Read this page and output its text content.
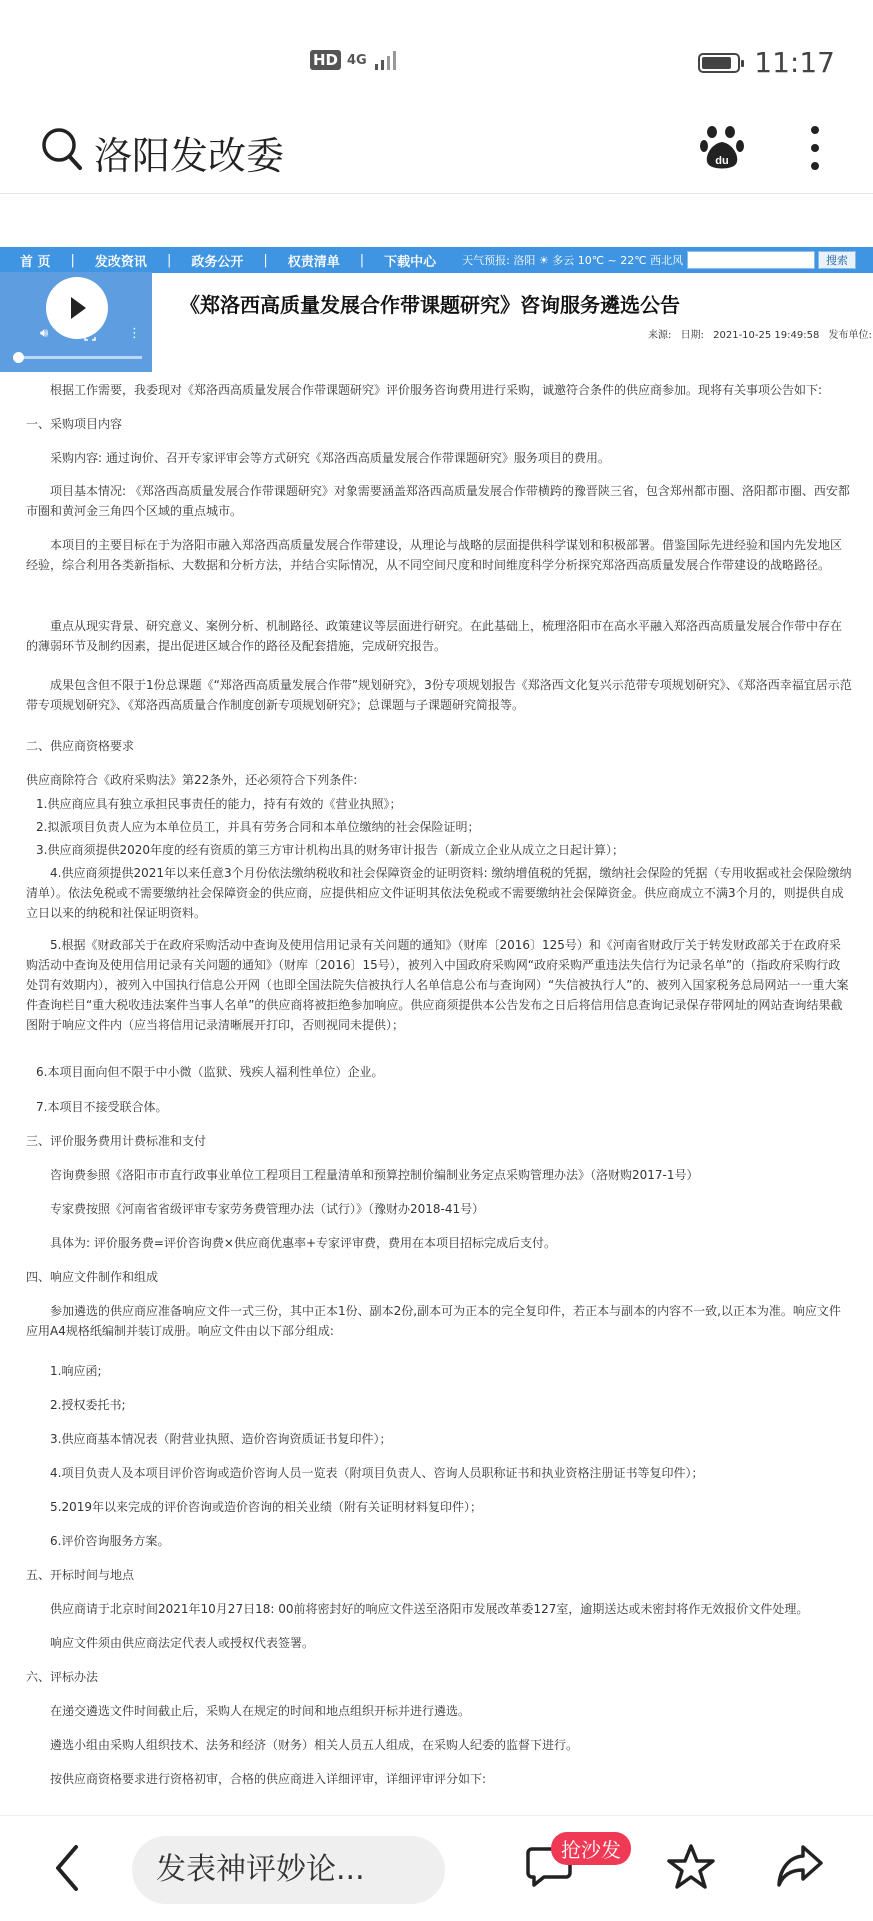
HD 4G	11:17
洛阳发改委	du
首 页	|	发改资讯	|	政务公开	|	权责清单	|	下载中心 天气预报: 洛阳 ☀ 多云 10℃ ~ 22℃ 西北风	搜索
🔊︎	⋮
《郑洛西高质量发展合作带课题研究》咨询服务遴选公告
来源: 日期: 2021-10-25 19:49:58 发布单位:

根据工作需要，我委现对《郑洛西高质量发展合作带课题研究》评价服务咨询费用进行采购，诚邀符合条件的供应商参加。现将有关事项公告如下:

一、采购项目内容

采购内容: 通过询价、召开专家评审会等方式研究《郑洛西高质量发展合作带课题研究》服务项目的费用。

项目基本情况: 《郑洛西高质量发展合作带课题研究》对象需要涵盖郑洛西高质量发展合作带横跨的豫晋陕三省，包含郑州都市圈、洛阳都市圈、西安都市圈和黄河金三角四个区域的重点城市。

本项目的主要目标在于为洛阳市融入郑洛西高质量发展合作带建设，从理论与战略的层面提供科学谋划和积极部署。借鉴国际先进经验和国内先发地区经验，综合利用各类新指标、大数据和分析方法，并结合实际情况，从不同空间尺度和时间维度科学分析探究郑洛西高质量发展合作带建设的战略路径。

重点从现实背景、研究意义、案例分析、机制路径、政策建议等层面进行研究。在此基础上，梳理洛阳市在高水平融入郑洛西高质量发展合作带中存在的薄弱环节及制约因素，提出促进区域合作的路径及配套措施，完成研究报告。

成果包含但不限于1份总课题《“郑洛西高质量发展合作带”规划研究》，3份专项规划报告《郑洛西文化复兴示范带专项规划研究》、《郑洛西幸福宜居示范带专项规划研究》、《郑洛西高质量合作制度创新专项规划研究》；总课题与子课题研究简报等。

二、供应商资格要求

供应商除符合《政府采购法》第22条外，还必须符合下列条件:

1.供应商应具有独立承担民事责任的能力，持有有效的《营业执照》；

2.拟派项目负责人应为本单位员工，并具有劳务合同和本单位缴纳的社会保险证明；

3.供应商须提供2020年度的经有资质的第三方审计机构出具的财务审计报告（新成立企业从成立之日起计算）；

4.供应商须提供2021年以来任意3个月份依法缴纳税收和社会保障资金的证明资料: 缴纳增值税的凭据，缴纳社会保险的凭据（专用收据或社会保险缴纳清单）。依法免税或不需要缴纳社会保障资金的供应商，应提供相应文件证明其依法免税或不需要缴纳社会保障资金。供应商成立不满3个月的，则提供自成立日以来的纳税和社保证明资料。

5.根据《财政部关于在政府采购活动中查询及使用信用记录有关问题的通知》（财库〔2016〕125号）和《河南省财政厅关于转发财政部关于在政府采购活动中查询及使用信用记录有关问题的通知》（财库〔2016〕15号），被列入中国政府采购网“政府采购严重违法失信行为记录名单”的（指政府采购行政处罚有效期内），被列入中国执行信息公开网（也即全国法院失信被执行人名单信息公布与查询网）“失信被执行人”的、被列入国家税务总局网站一一重大案件查询栏目“重大税收违法案件当事人名单”的供应商将被拒绝参加响应。供应商须提供本公告发布之日后将信用信息查询记录保存带网址的网站查询结果截图附于响应文件内（应当将信用记录清晰展开打印，否则视同未提供）；

6.本项目面向但不限于中小微（监狱、残疾人福利性单位）企业。

7.本项目不接受联合体。

三、评价服务费用计费标准和支付

咨询费参照《洛阳市市直行政事业单位工程项目工程量清单和预算控制价编制业务定点采购管理办法》（洛财购2017-1号）

专家费按照《河南省省级评审专家劳务费管理办法（试行）》（豫财办2018-41号）

具体为: 评价服务费=评价咨询费×供应商优惠率+专家评审费，费用在本项目招标完成后支付。

四、响应文件制作和组成

参加遴选的供应商应准备响应文件一式三份，其中正本1份、副本2份,副本可为正本的完全复印件，若正本与副本的内容不一致,以正本为准。响应文件应用A4规格纸编制并装订成册。响应文件由以下部分组成:

1.响应函;

2.授权委托书;

3.供应商基本情况表（附营业执照、造价咨询资质证书复印件）；

4.项目负责人及本项目评价咨询或造价咨询人员一览表（附项目负责人、咨询人员职称证书和执业资格注册证书等复印件）；

5.2019年以来完成的评价咨询或造价咨询的相关业绩（附有关证明材料复印件）；

6.评价咨询服务方案。

五、开标时间与地点

供应商请于北京时间2021年10月27日18: 00前将密封好的响应文件送至洛阳市发展改革委127室，逾期送达或未密封将作无效报价文件处理。

响应文件须由供应商法定代表人或授权代表签署。

六、评标办法

在递交遴选文件时间截止后，采购人在规定的时间和地点组织开标并进行遴选。

遴选小组由采购人组织技术、法务和经济（财务）相关人员五人组成，在采购人纪委的监督下进行。

按供应商资格要求进行资格初审，合格的供应商进入详细评审，详细评审评分如下:

发表神评妙论...
抢沙发
